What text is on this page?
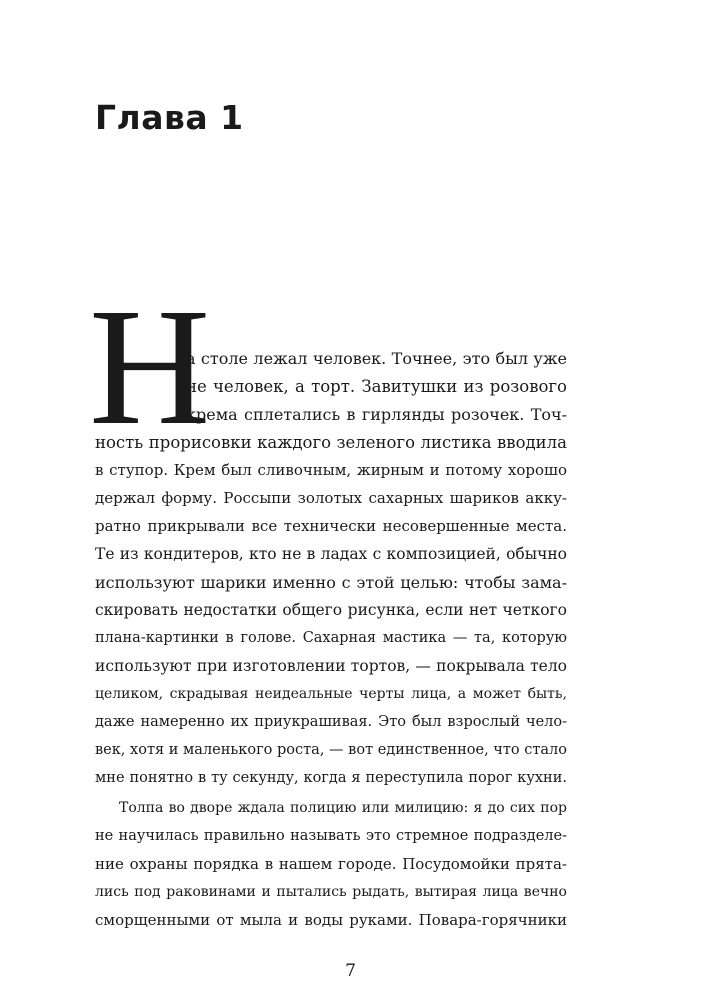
Глава 1
Н
а столе лежал человек. Точнее, это был уже
не человек, а торт. Завитушки из розового
крема сплетались в гирлянды розочек. Точ-
ность прорисовки каждого зеленого листика вводила
в ступор. Крем был сливочным, жирным и потому хорошо
держал форму. Россыпи золотых сахарных шариков акку-
ратно прикрывали все технически несовершенные места.
Те из кондитеров, кто не в ладах с композицией, обычно
используют шарики именно с этой целью: чтобы зама-
скировать недостатки общего рисунка, если нет четкого
плана-картинки в голове. Сахарная мастика — та, которую
используют при изготовлении тортов, — покрывала тело
целиком, скрадывая неидеальные черты лица, а может быть,
даже намеренно их приукрашивая. Это был взрослый чело-
век, хотя и маленького роста, — вот единственное, что стало
мне понятно в ту секунду, когда я переступила порог кухни.
Толпа во дворе ждала полицию или милицию: я до сих пор
не научилась правильно называть это стремное подразделе-
ние охраны порядка в нашем городе. Посудомойки прята-
лись под раковинами и пытались рыдать, вытирая лица вечно
сморщенными от мыла и воды руками. Повара-горячники
7
